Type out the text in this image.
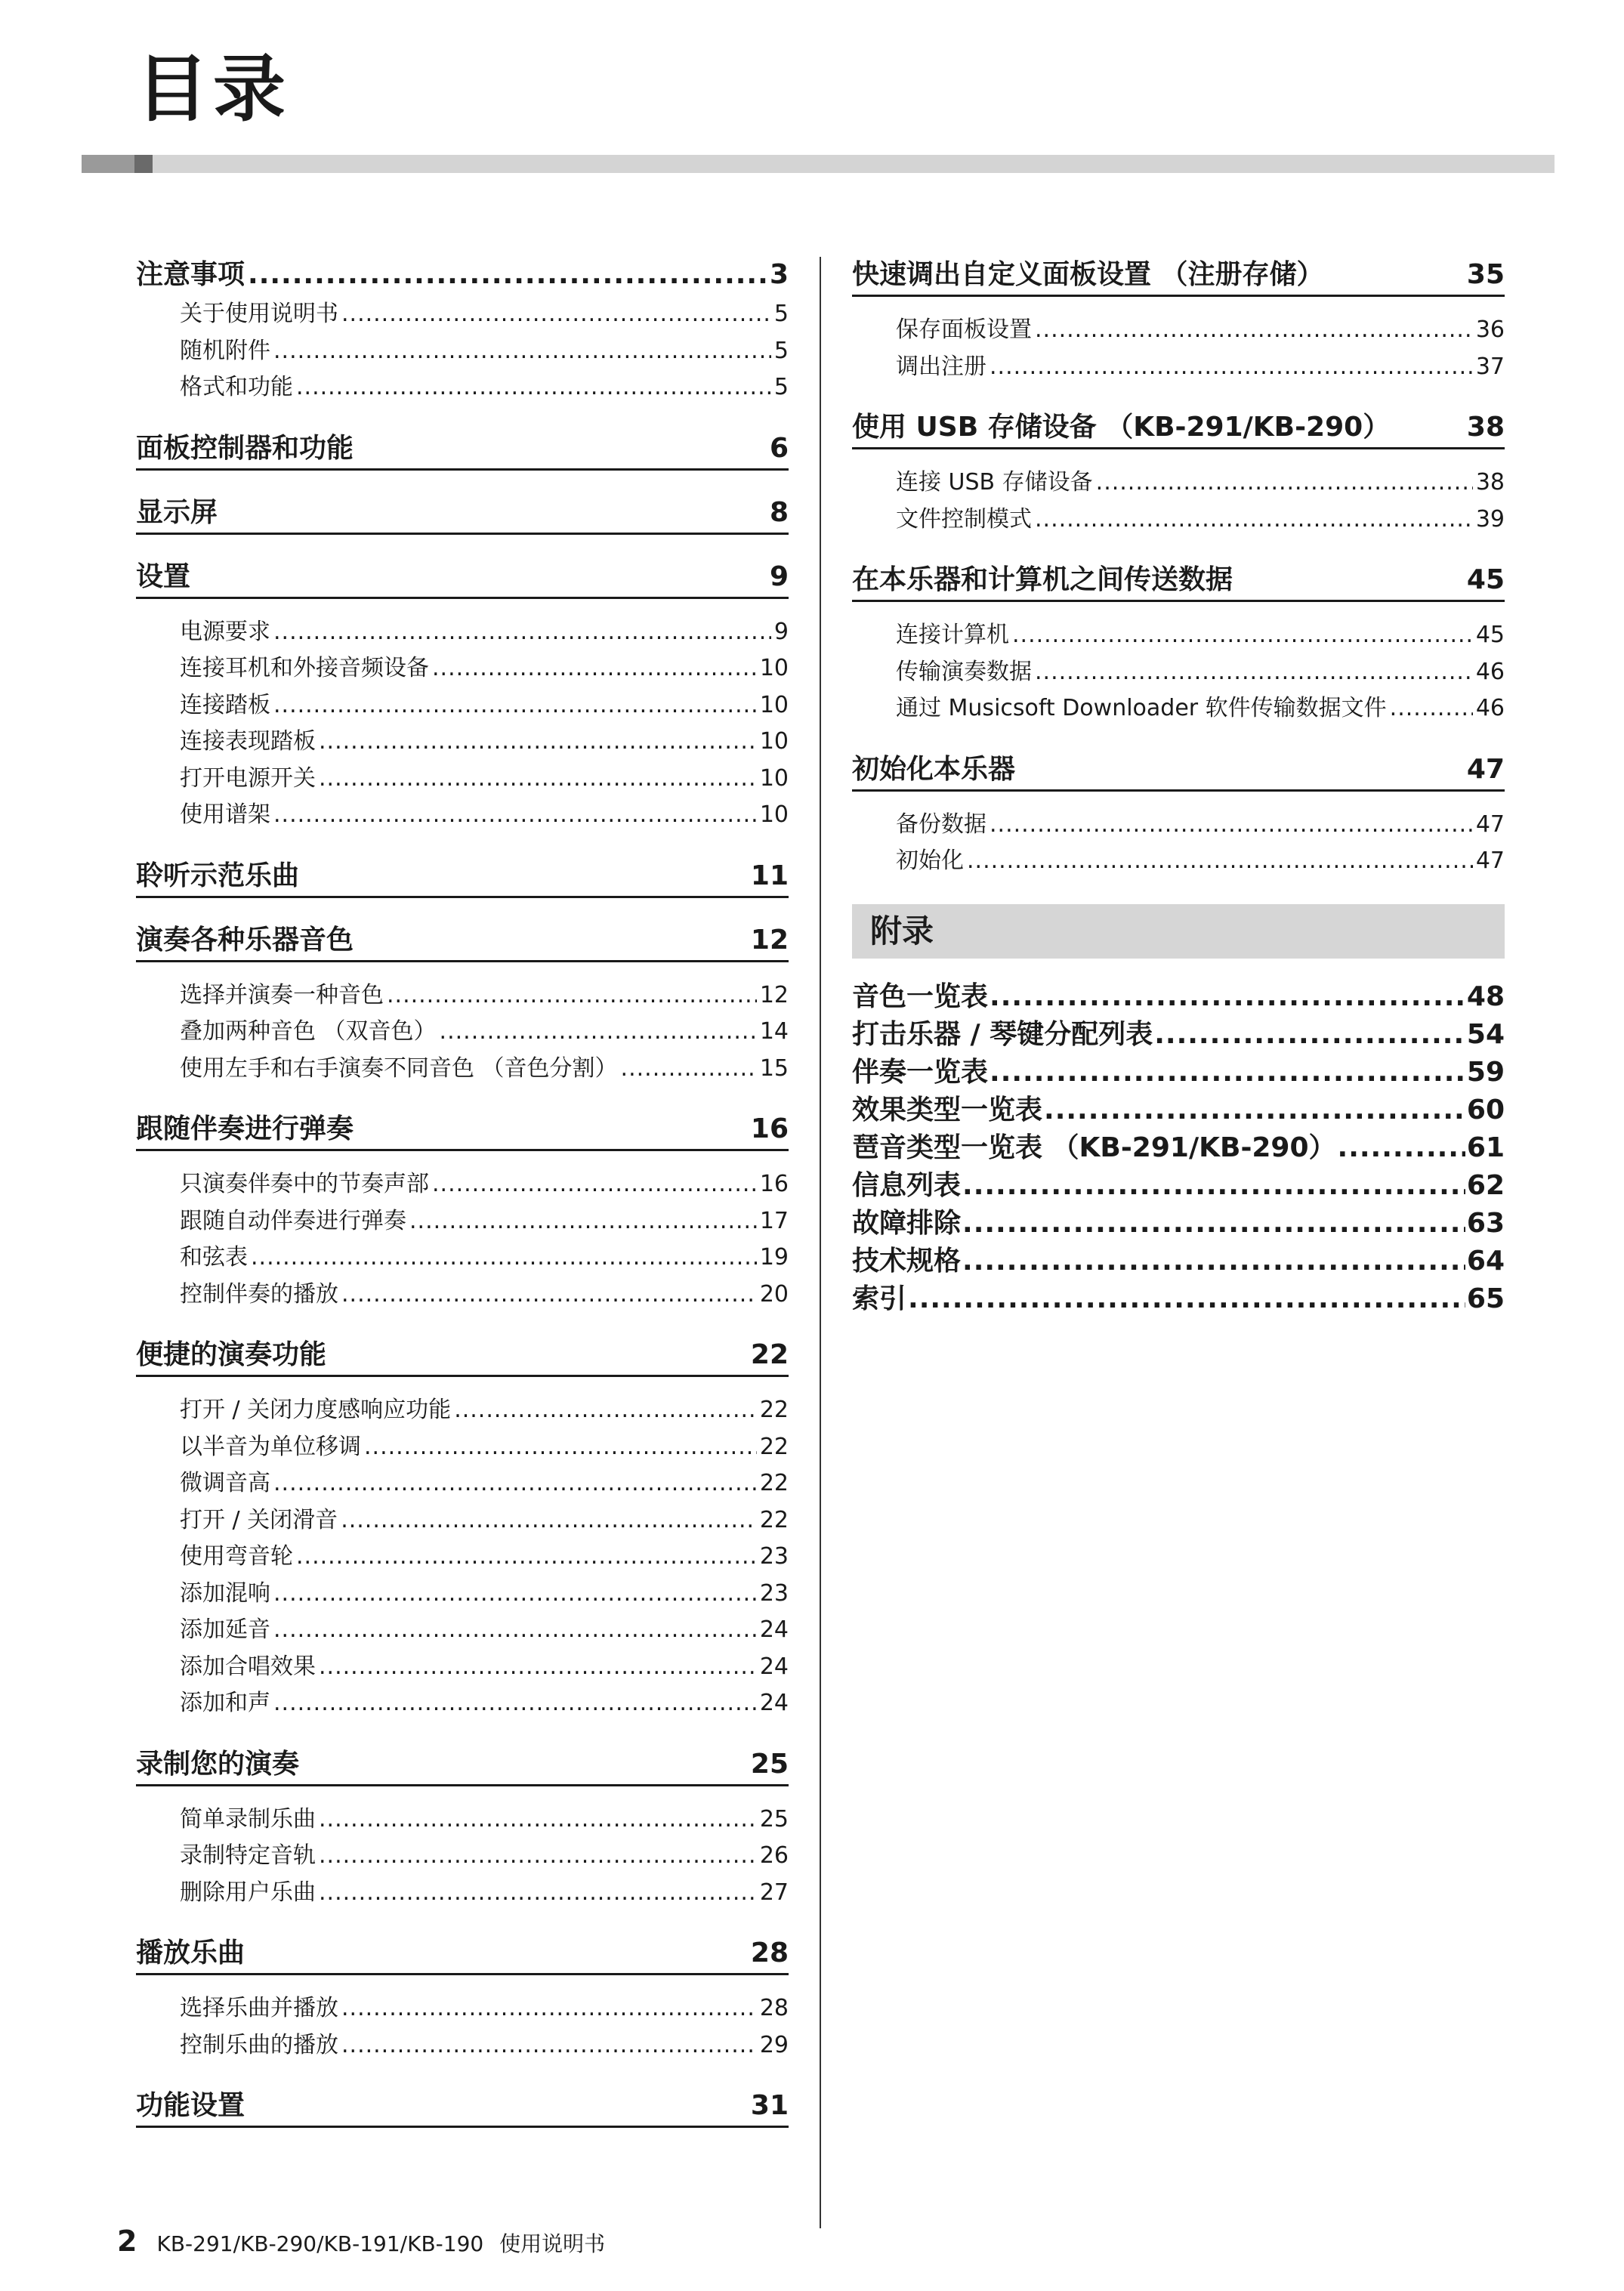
目录
注意事项 .....	3
关于使用说明书 .....	5
随机附件 .....	5
格式和功能 .....	5
面板控制器和功能	6
显示屏	8
设置	9
电源要求 .....	9
连接耳机和外接音频设备 .....	10
连接踏板 .....	10
连接表现踏板 .....	10
打开电源开关 .....	10
使用谱架 .....	10
聆听示范乐曲	11
演奏各种乐器音色	12
选择并演奏一种音色 .....	12
叠加两种音色 （双音色） .....	14
使用左手和右手演奏不同音色 （音色分割） .....	15
跟随伴奏进行弹奏	16
只演奏伴奏中的节奏声部 .....	16
跟随自动伴奏进行弹奏 .....	17
和弦表 .....	19
控制伴奏的播放 .....	20
便捷的演奏功能	22
打开 / 关闭力度感响应功能 .....	22
以半音为单位移调 .....	22
微调音高 .....	22
打开 / 关闭滑音 .....	22
使用弯音轮 .....	23
添加混响 .....	23
添加延音 .....	24
添加合唱效果 .....	24
添加和声 .....	24
录制您的演奏	25
简单录制乐曲 .....	25
录制特定音轨 .....	26
删除用户乐曲 .....	27
播放乐曲	28
选择乐曲并播放 .....	28
控制乐曲的播放 .....	29
功能设置	31
快速调出自定义面板设置 （注册存储）	35
保存面板设置 .....	36
调出注册 .....	37
使用 USB 存储设备 （KB-291/KB-290）	38
连接 USB 存储设备 .....	38
文件控制模式 .....	39
在本乐器和计算机之间传送数据	45
连接计算机 .....	45
传输演奏数据 .....	46
通过 Musicsoft Downloader 软件传输数据文件 .....	46
初始化本乐器	47
备份数据 .....	47
初始化 .....	47
附录
音色一览表 .....	48
打击乐器 / 琴键分配列表 .....	54
伴奏一览表 .....	59
效果类型一览表 .....	60
琶音类型一览表 （KB-291/KB-290） .....	61
信息列表 .....	62
故障排除 .....	63
技术规格 .....	64
索引 .....	65
2 KB-291/KB-290/KB-191/KB-190 使用说明书
